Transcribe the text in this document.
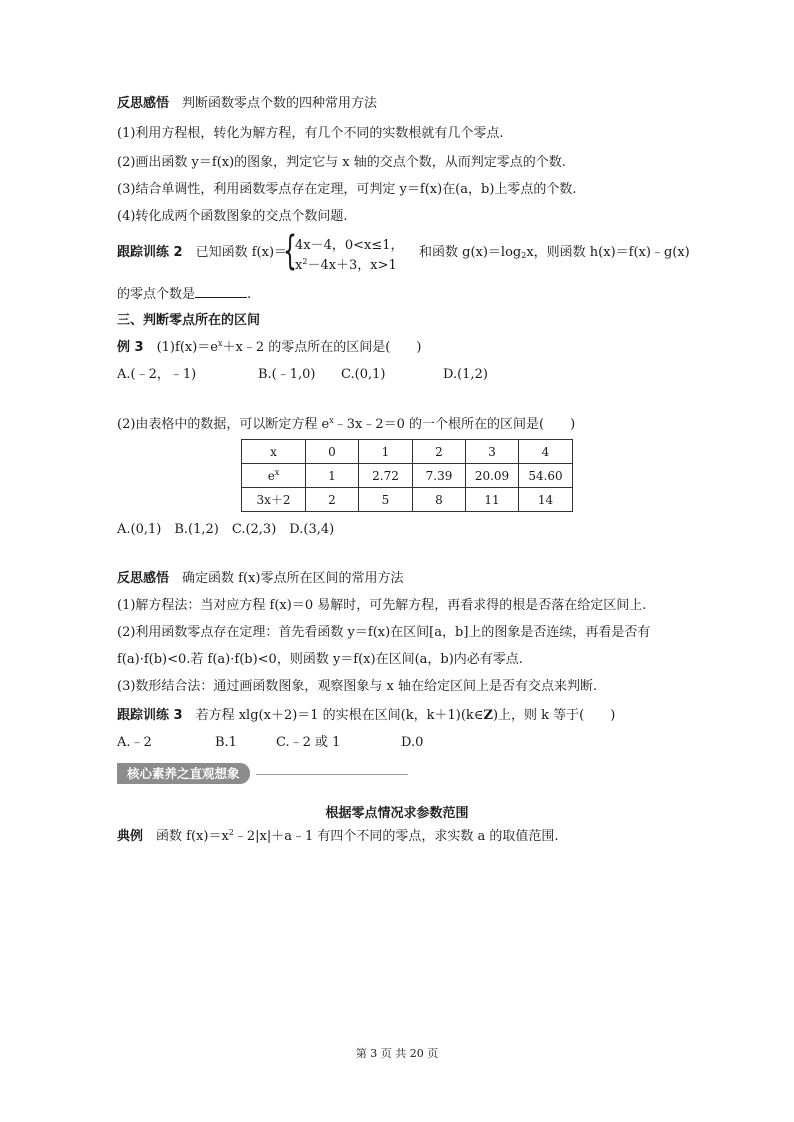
反思感悟　 判断函数零点个数的四种常用方法
(1)利用方程根，转化为解方程，有几个不同的实数根就有几个零点.
(2)画出函数 y＝f(x)的图象，判定它与 x 轴的交点个数，从而判定零点的个数.
(3)结合单调性，利用函数零点存在定理，可判定 y＝f(x)在(a，b)上零点的个数.
(4)转化成两个函数图象的交点个数问题.
跟踪训练 2　 已知函数 f(x)＝
{
4x－4，0<x≤1，
$x^2-4x+3$，x>1
和函数 $g(x)=\log_2x$，则函数 h(x)＝f(x)﹣g(x)
的零点个数是	.
三、判断零点所在的区间
例 3　 $(1)f(x)=e^x+x﹣2$ 的零点所在的区间是(　　)
A.(﹣2，﹣1)	B.(﹣1,0) C.(0,1)	D.(1,2)
(2)由表格中的数据，可以断定方程 $e^x﹣3x﹣2=0$ 的一个根所在的区间是(　　)
x	0	1	2	3	4
$e^x$	1	2.72	7.39	20.09	54.60
3x＋2	2	5	8	11	14
A.(0,1)　B.(1,2)　C.(2,3)　D.(3,4)
反思感悟　 确定函数 f(x)零点所在区间的常用方法
(1)解方程法：当对应方程 f(x)＝0 易解时，可先解方程，再看求得的根是否落在给定区间上.
(2)利用函数零点存在定理：首先看函数 y＝f(x)在区间[a，b]上的图象是否连续，再看是否有
f(a)·f(b)<0.若 f(a)·f(b)<0，则函数 y＝f(x)在区间(a，b)内必有零点.
(3)数形结合法：通过画函数图象，观察图象与 x 轴在给定区间上是否有交点来判断.
跟踪训练 3　 若方程 xlg(x＋2)＝1 的实根在区间(k，k＋1)(k∈Z)上，则 k 等于(　　)
A.﹣2	B.1	C.﹣2 或 1	D.0
核心素养之直观想象
根据零点情况求参数范围
典例　 函数 $f(x)=x^2﹣2|x|+a﹣1$ 有四个不同的零点，求实数 a 的取值范围.
第 3 页 共 20 页
